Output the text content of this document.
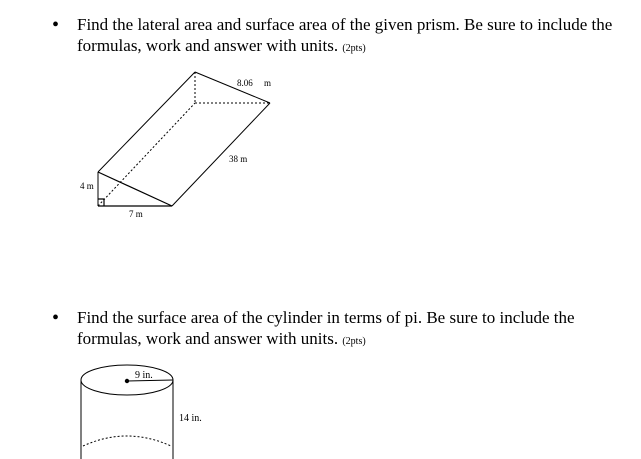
• Find the lateral area and surface area of the given prism. Be sure to include the formulas, work and answer with units. (2pts)
8.06 m
38 m
4 m
7 m
• Find the surface area of the cylinder in terms of pi. Be sure to include the formulas, work and answer with units. (2pts)
9 in.
14 in.
